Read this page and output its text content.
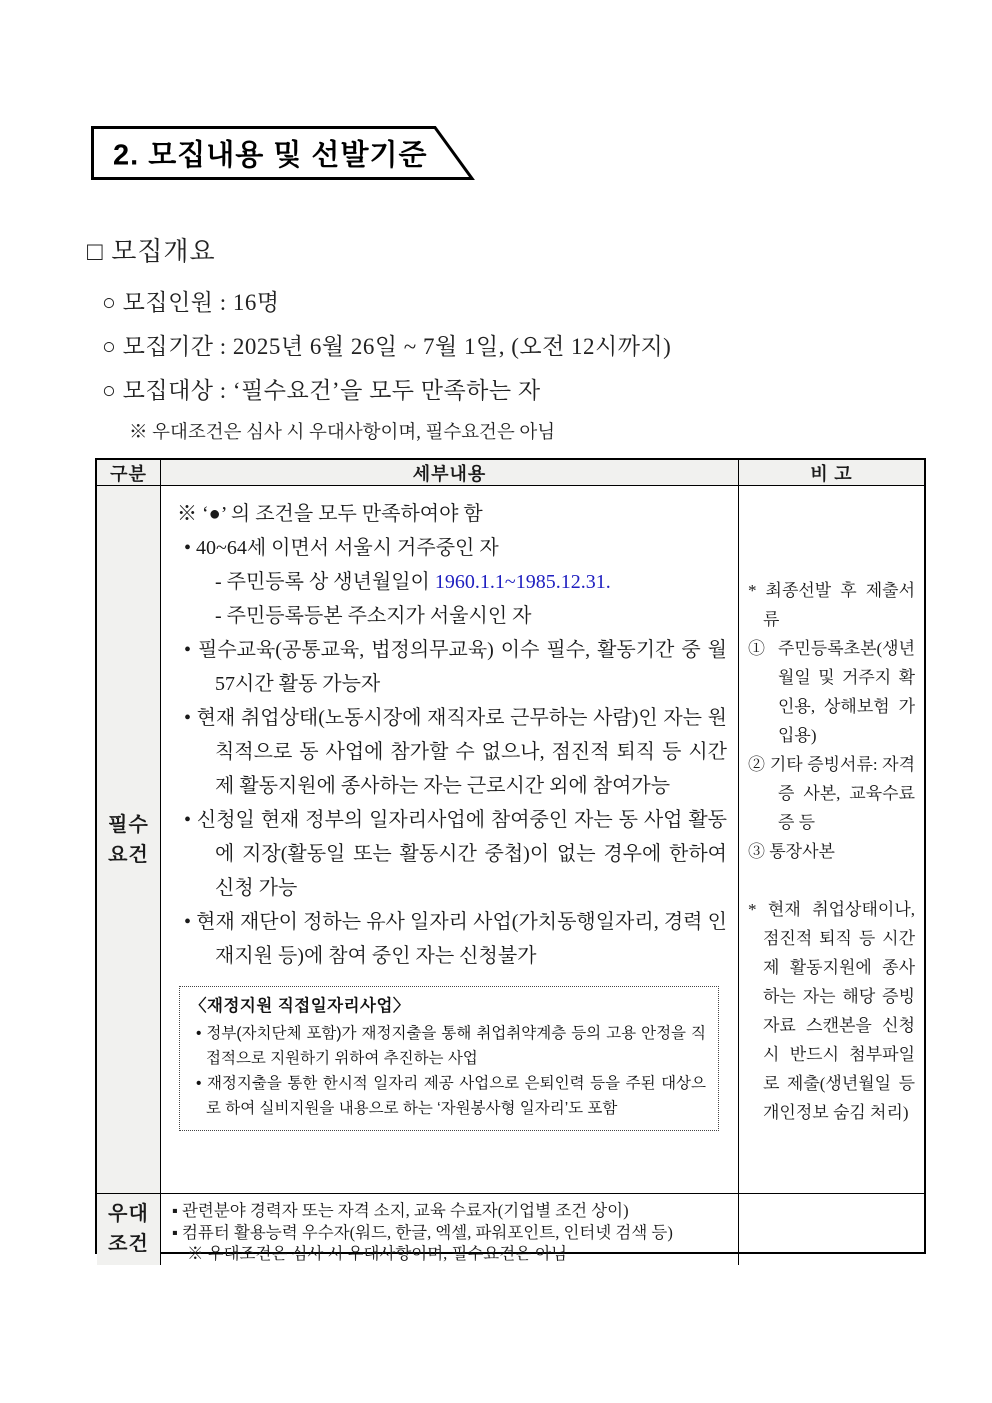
2. 모집내용 및 선발기준
□ 모집개요
○ 모집인원 : 16명
○ 모집기간 : 2025년 6월 26일 ~ 7월 1일, (오전 12시까지)
○ 모집대상 : ‘필수요건’을 모두 만족하는 자
※ 우대조건은 심사 시 우대사항이며, 필수요건은 아님
구분	세부내용	비 고
필수
요건
※ ‘●’ 의 조건을 모두 만족하여야 함
• 40~64세 이면서 서울시 거주중인 자
- 주민등록 상 생년월일이 1960.1.1~1985.12.31.
- 주민등록등본 주소지가 서울시인 자
• 필수교육(공통교육, 법정의무교육) 이수 필수, 활동기간 중 월 57시간 활동 가능자
• 현재 취업상태(노동시장에 재직자로 근무하는 사람)인 자는 원칙적으로 동 사업에 참가할 수 없으나, 점진적 퇴직 등 시간제 활동지원에 종사하는 자는 근로시간 외에 참여가능
• 신청일 현재 정부의 일자리사업에 참여중인 자는 동 사업 활동에 지장(활동일 또는 활동시간 중첩)이 없는 경우에 한하여 신청 가능
• 현재 재단이 정하는 유사 일자리 사업(가치동행일자리, 경력 인재지원 등)에 참여 중인 자는 신청불가
〈재정지원 직접일자리사업〉
• 정부(자치단체 포함)가 재정지출을 통해 취업취약계층 등의 고용 안정을 직접적으로 지원하기 위하여 추진하는 사업
• 재정지출을 통한 한시적 일자리 제공 사업으로 은퇴인력 등을 주된 대상으로 하여 실비지원을 내용으로 하는 ‘자원봉사형 일자리’도 포함
* 최종선발 후 제출서류
① 주민등록초본(생년월일 및 거주지 확인용, 상해보험 가입용)
② 기타 증빙서류: 자격증 사본, 교육수료증 등
③ 통장사본
* 현재 취업상태이나, 점진적 퇴직 등 시간제 활동지원에 종사하는 자는 해당 증빙자료 스캔본을 신청 시 반드시 첨부파일로 제출(생년월일 등 개인정보 숨김 처리)
우대
조건
▪ 관련분야 경력자 또는 자격 소지, 교육 수료자(기업별 조건 상이)
▪ 컴퓨터 활용능력 우수자(워드, 한글, 엑셀, 파워포인트, 인터넷 검색 등)
※ 우대조건은 심사 시 우대사항이며, 필수요건은 아님
